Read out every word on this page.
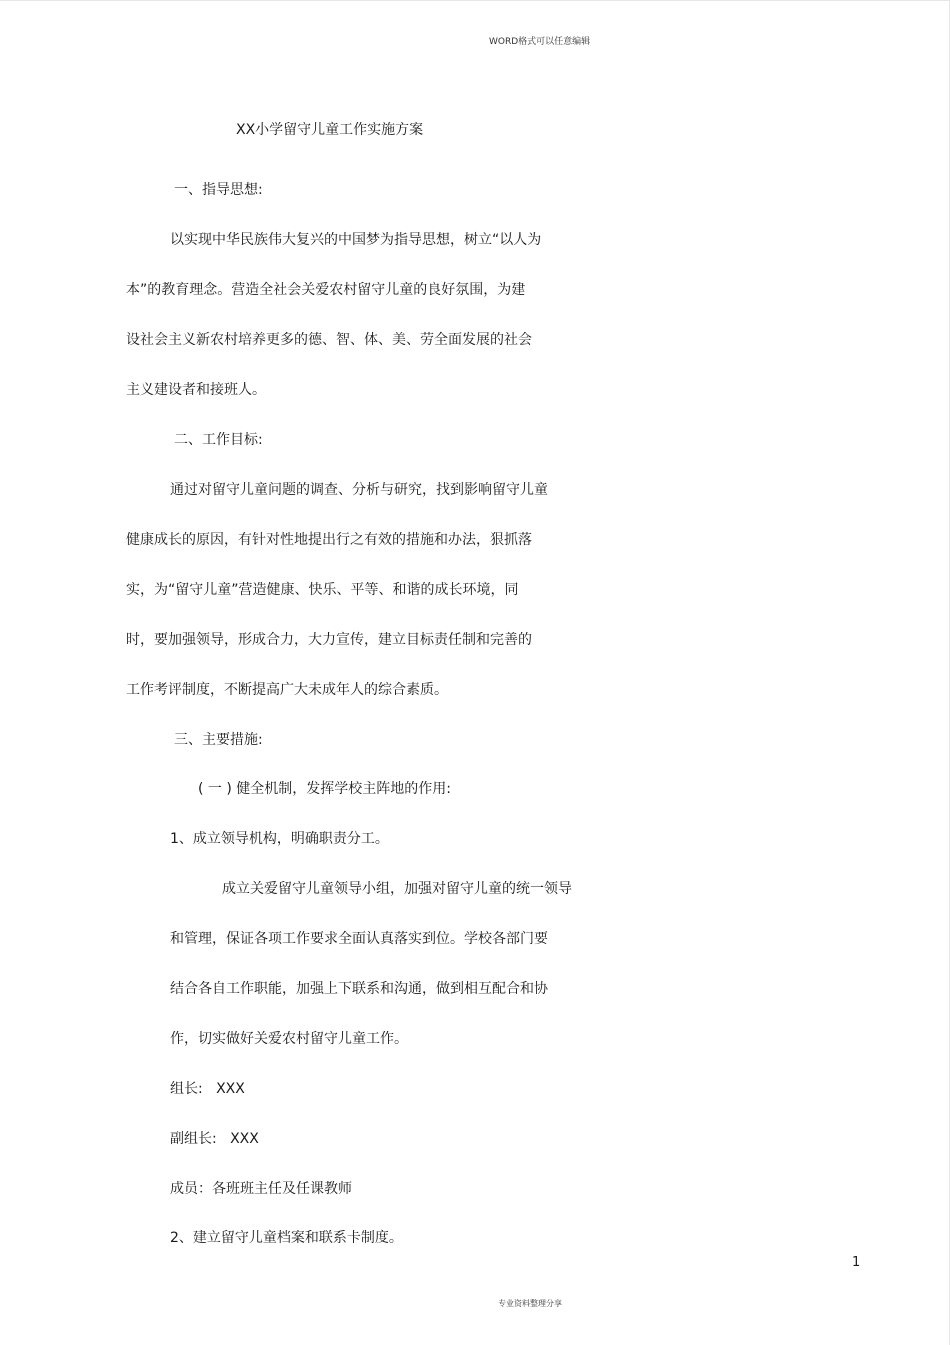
WORD格式可以任意编辑
XX小学留守儿童工作实施方案
一、指导思想:
以实现中华民族伟大复兴的中国梦为指导思想，树立“以人为
本”的教育理念。营造全社会关爱农村留守儿童的良好氛围，为建
设社会主义新农村培养更多的德、智、体、美、劳全面发展的社会
主义建设者和接班人。
二、工作目标:
通过对留守儿童问题的调查、分析与研究，找到影响留守儿童
健康成长的原因，有针对性地提出行之有效的措施和办法，狠抓落
实，为“留守儿童”营造健康、快乐、平等、和谐的成长环境，同
时，要加强领导，形成合力，大力宣传，建立目标责任制和完善的
工作考评制度，不断提高广大未成年人的综合素质。
三、主要措施:
( 一 ) 健全机制，发挥学校主阵地的作用:
1、成立领导机构，明确职责分工。
成立关爱留守儿童领导小组，加强对留守儿童的统一领导
和管理，保证各项工作要求全面认真落实到位。学校各部门要
结合各自工作职能，加强上下联系和沟通，做到相互配合和协
作，切实做好关爱农村留守儿童工作。
组长:   XXX
副组长:   XXX
成员：各班班主任及任课教师
2、建立留守儿童档案和联系卡制度。
1
专业资料整理分享
